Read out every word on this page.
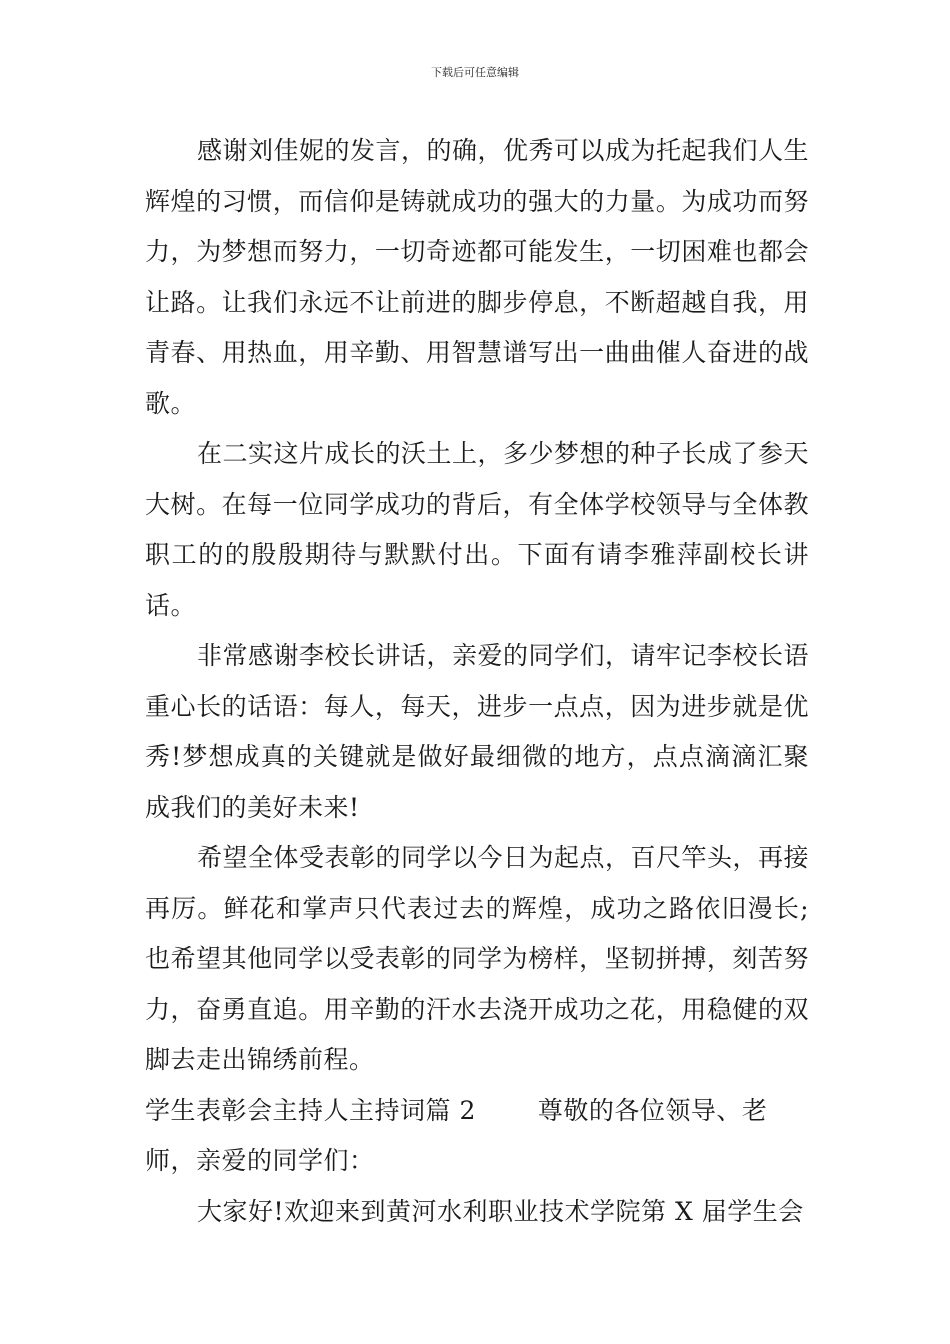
下载后可任意编辑

感谢刘佳妮的发言，的确，优秀可以成为托起我们人生辉煌的习惯，而信仰是铸就成功的强大的力量。为成功而努力，为梦想而努力，一切奇迹都可能发生，一切困难也都会让路。让我们永远不让前进的脚步停息，不断超越自我，用青春、用热血，用辛勤、用智慧谱写出一曲曲催人奋进的战歌。

在二实这片成长的沃土上，多少梦想的种子长成了参天大树。在每一位同学成功的背后，有全体学校领导与全体教职工的的殷殷期待与默默付出。下面有请李雅萍副校长讲话。

非常感谢李校长讲话，亲爱的同学们，请牢记李校长语重心长的话语：每人，每天，进步一点点，因为进步就是优秀!梦想成真的关键就是做好最细微的地方，点点滴滴汇聚成我们的美好未来!

希望全体受表彰的同学以今日为起点，百尺竿头，再接再厉。鲜花和掌声只代表过去的辉煌，成功之路依旧漫长;也希望其他同学以受表彰的同学为榜样，坚韧拼搏，刻苦努力，奋勇直追。用辛勤的汗水去浇开成功之花，用稳健的双脚去走出锦绣前程。

学生表彰会主持人主持词篇 2 尊敬的各位领导、老师，亲爱的同学们：

大家好!欢迎来到黄河水利职业技术学院第 X 届学生会
